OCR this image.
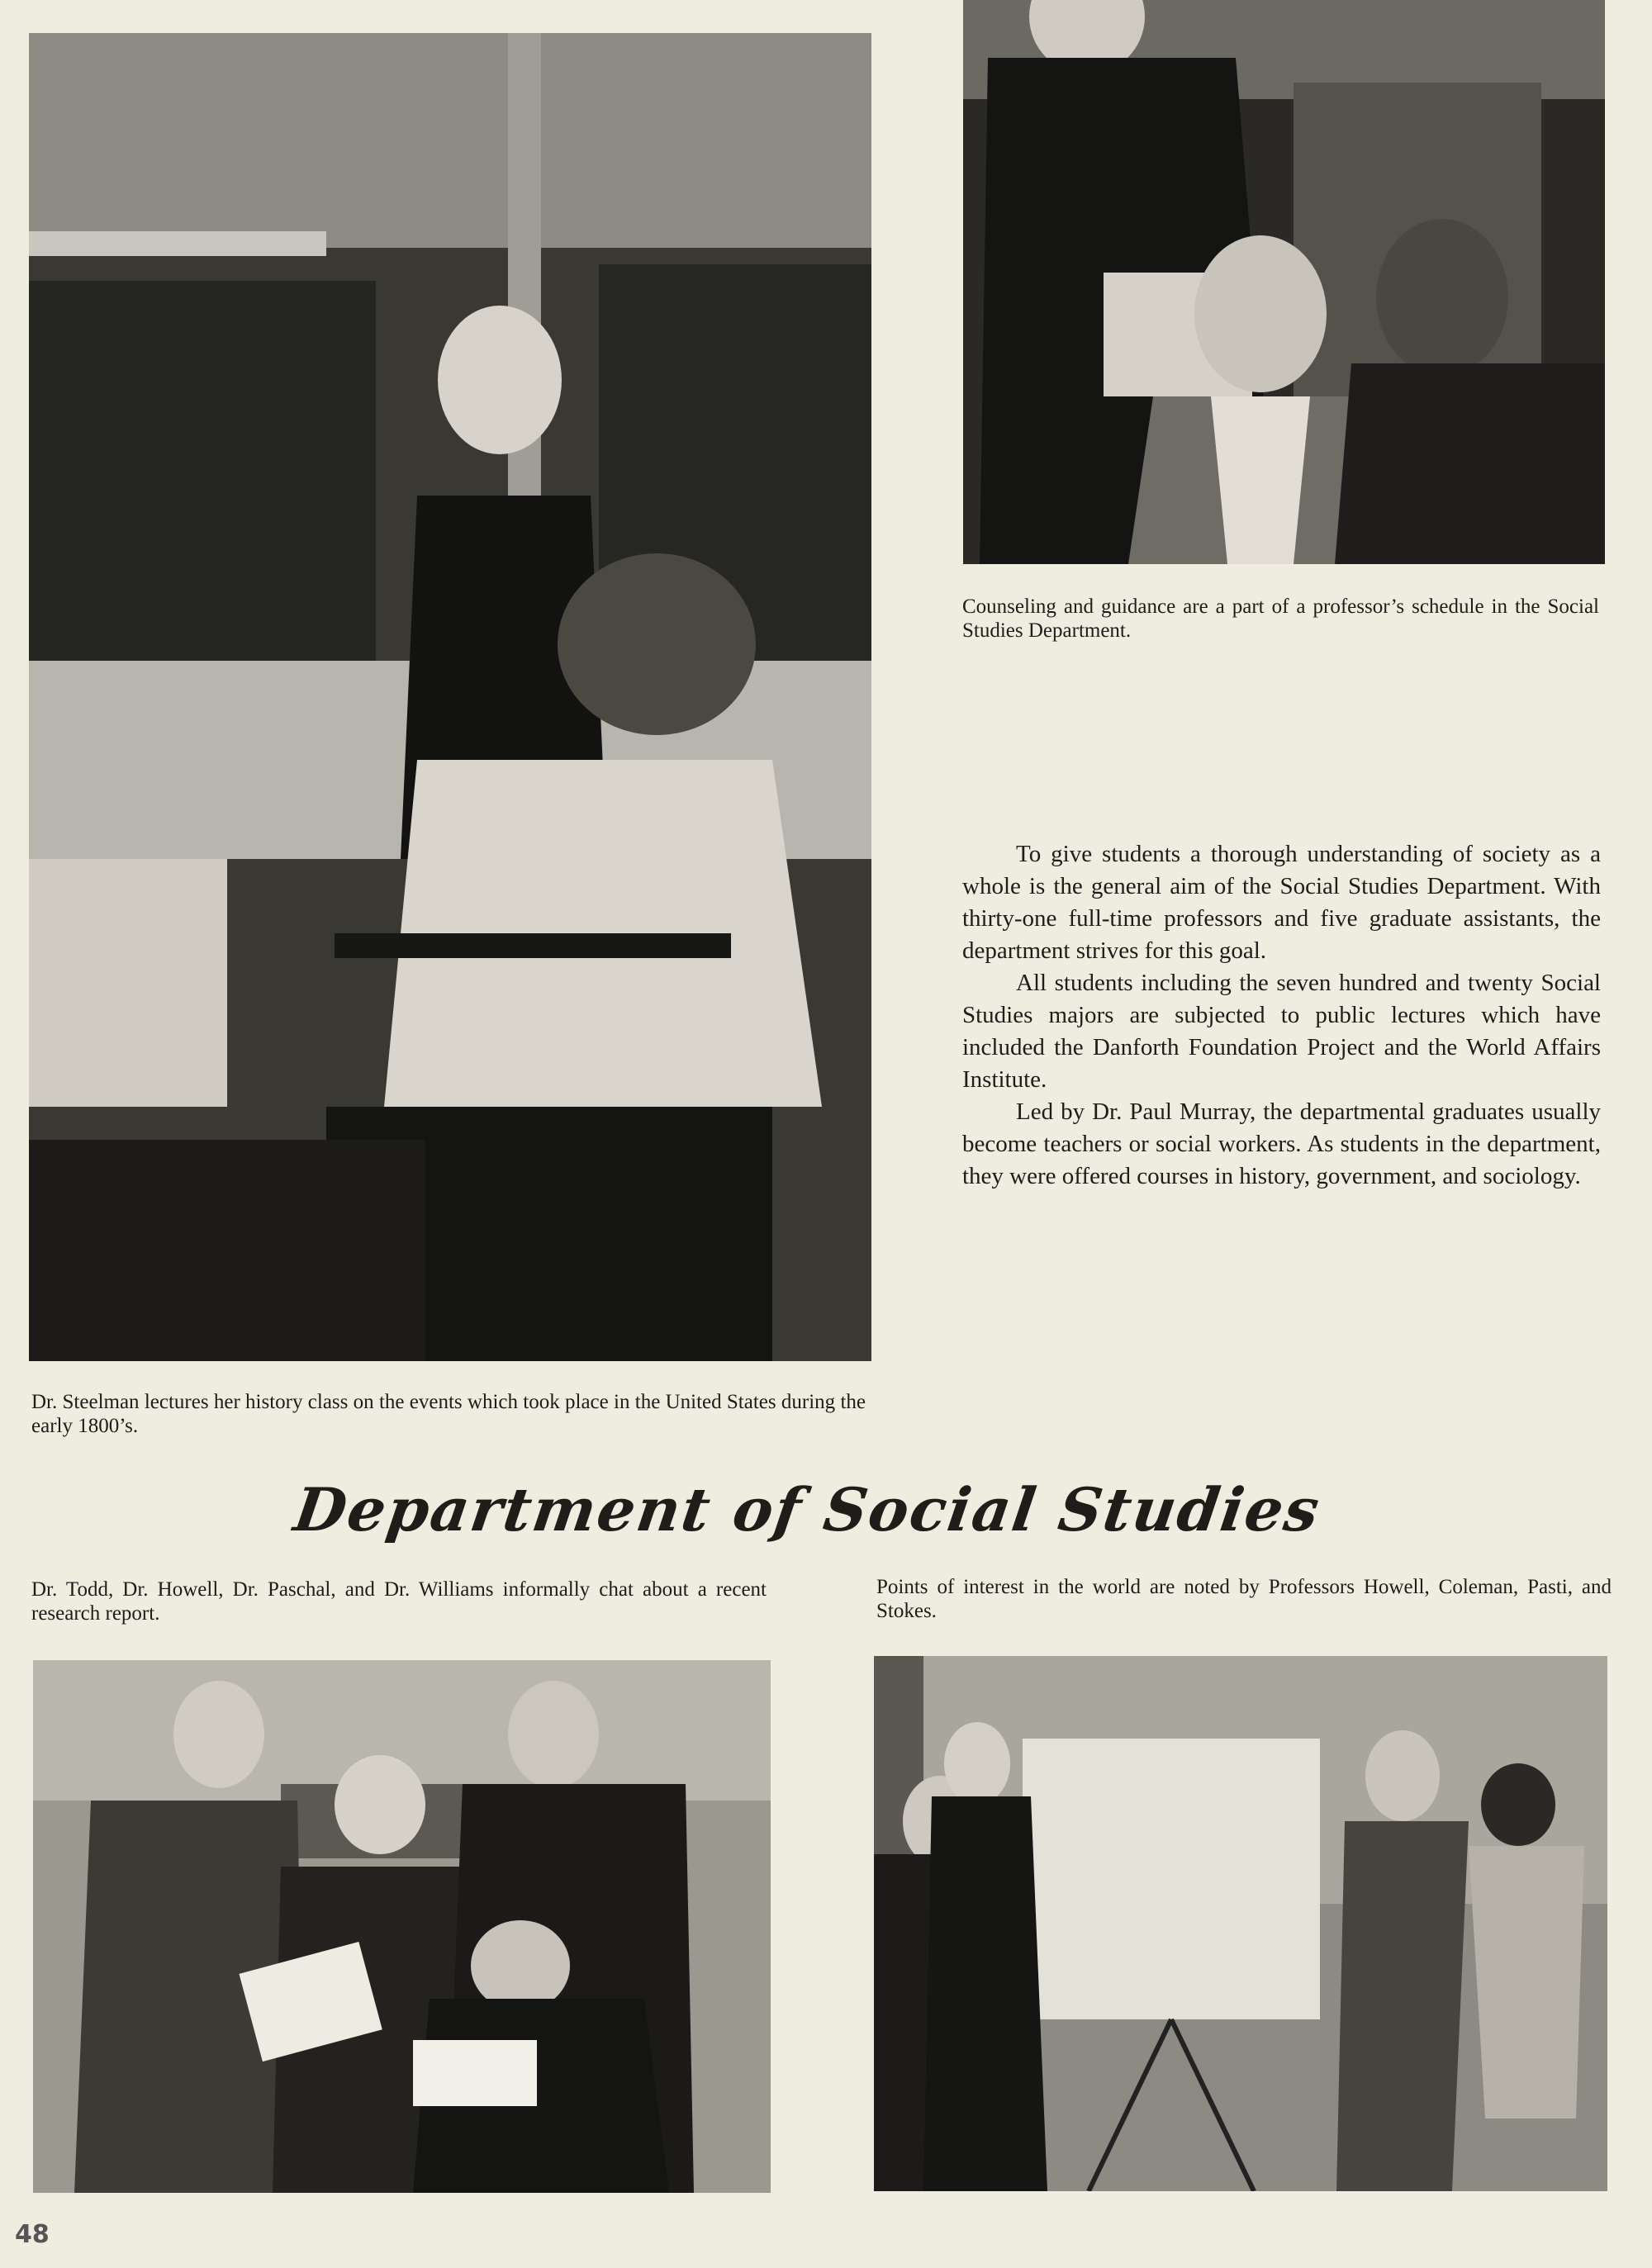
Dr. Steelman lectures her history class on the events which took place in the United States during the early 1800’s.

Counseling and guidance are a part of a professor’s schedule in the Social Studies Department.

To give students a thorough understanding of society as a whole is the general aim of the Social Studies Department. With thirty-one full-time professors and five graduate assistants, the department strives for this goal.

All students including the seven hundred and twenty Social Studies majors are subjected to public lectures which have included the Danforth Foundation Project and the World Affairs Institute.

Led by Dr. Paul Murray, the departmental graduates usually become teachers or social workers. As students in the department, they were offered courses in history, government, and sociology.

Department of Social Studies

Dr. Todd, Dr. Howell, Dr. Paschal, and Dr. Williams informally chat about a recent research report.

Points of interest in the world are noted by Professors Howell, Coleman, Pasti, and Stokes.

48
